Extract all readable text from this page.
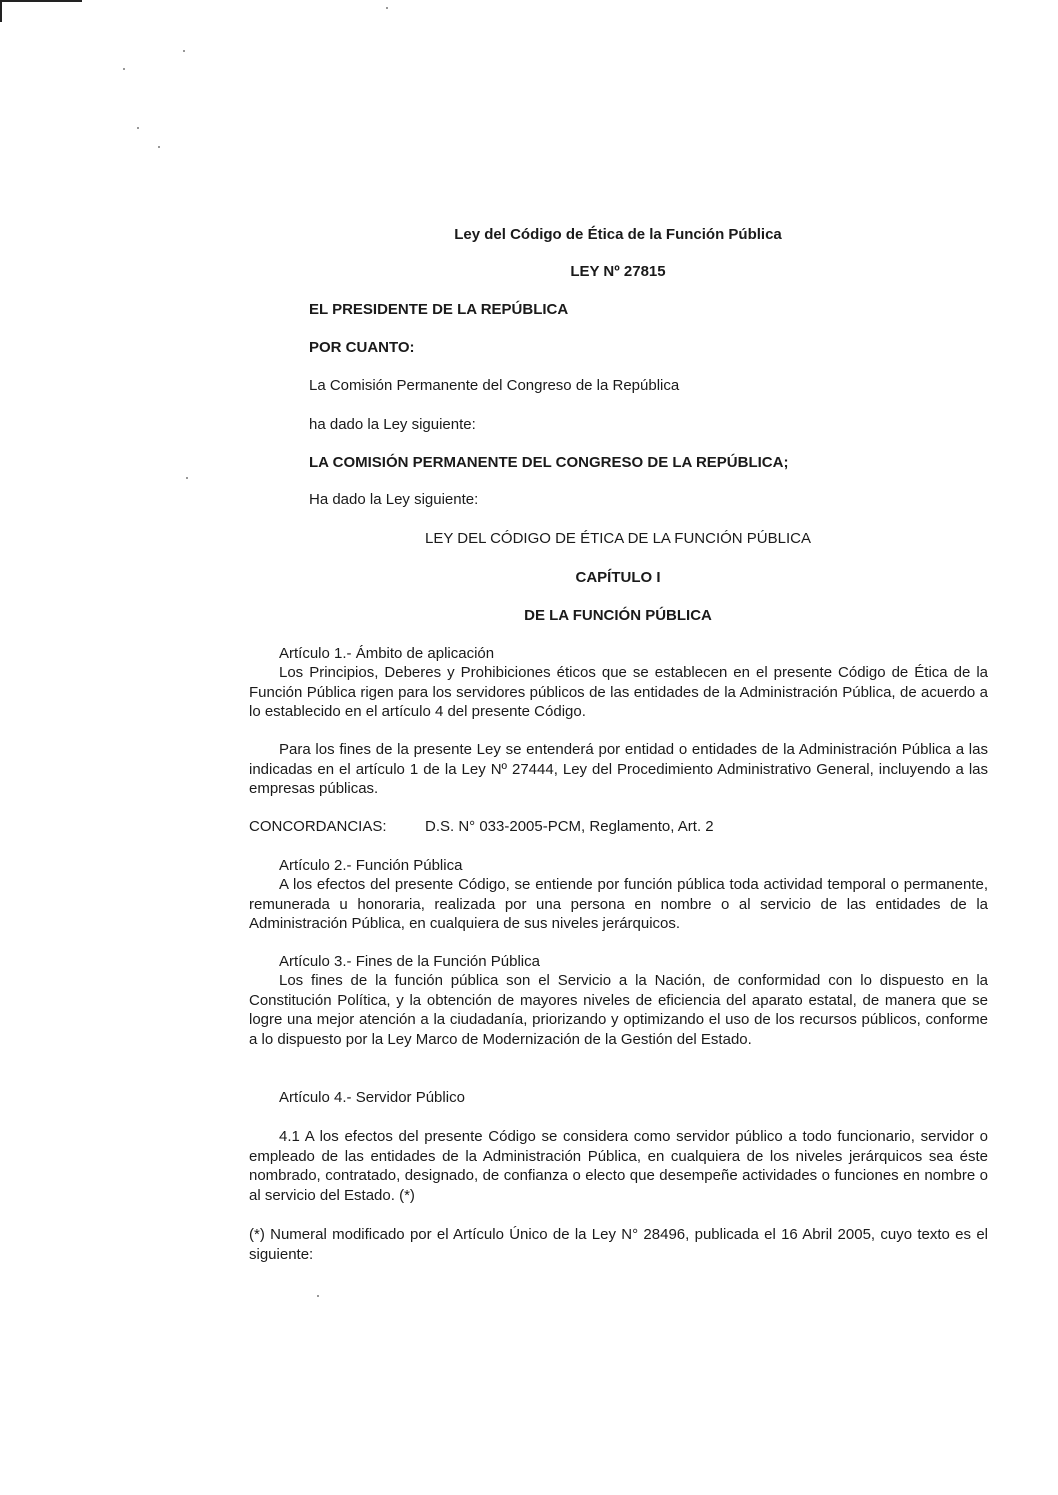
Ley del Código de Ética de la Función Pública
LEY Nº 27815
EL PRESIDENTE DE LA REPÚBLICA
POR CUANTO:
La Comisión Permanente del Congreso de la República
ha dado la Ley siguiente:
LA COMISIÓN PERMANENTE DEL CONGRESO DE LA REPÚBLICA;
Ha dado la Ley siguiente:
LEY DEL CÓDIGO DE ÉTICA DE LA FUNCIÓN PÚBLICA
CAPÍTULO I
DE LA FUNCIÓN PÚBLICA
Artículo 1.- Ámbito de aplicación
Los Principios, Deberes y Prohibiciones éticos que se establecen en el presente Código de Ética de la Función Pública rigen para los servidores públicos de las entidades de la Administración Pública, de acuerdo a lo establecido en el artículo 4 del presente Código.
Para los fines de la presente Ley se entenderá por entidad o entidades de la Administración Pública a las indicadas en el artículo 1 de la Ley Nº 27444, Ley del Procedimiento Administrativo General, incluyendo a las empresas públicas.
CONCORDANCIAS:	D.S. N° 033-2005-PCM, Reglamento, Art. 2
Artículo 2.- Función Pública
A los efectos del presente Código, se entiende por función pública toda actividad temporal o permanente, remunerada u honoraria, realizada por una persona en nombre o al servicio de las entidades de la Administración Pública, en cualquiera de sus niveles jerárquicos.
Artículo 3.- Fines de la Función Pública
Los fines de la función pública son el Servicio a la Nación, de conformidad con lo dispuesto en la Constitución Política, y la obtención de mayores niveles de eficiencia del aparato estatal, de manera que se logre una mejor atención a la ciudadanía, priorizando y optimizando el uso de los recursos públicos, conforme a lo dispuesto por la Ley Marco de Modernización de la Gestión del Estado.
Artículo 4.- Servidor Público
4.1 A los efectos del presente Código se considera como servidor público a todo funcionario, servidor o empleado de las entidades de la Administración Pública, en cualquiera de los niveles jerárquicos sea éste nombrado, contratado, designado, de confianza o electo que desempeñe actividades o funciones en nombre o al servicio del Estado. (*)
(*) Numeral modificado por el Artículo Único de la Ley N° 28496, publicada el 16 Abril 2005, cuyo texto es el siguiente:
